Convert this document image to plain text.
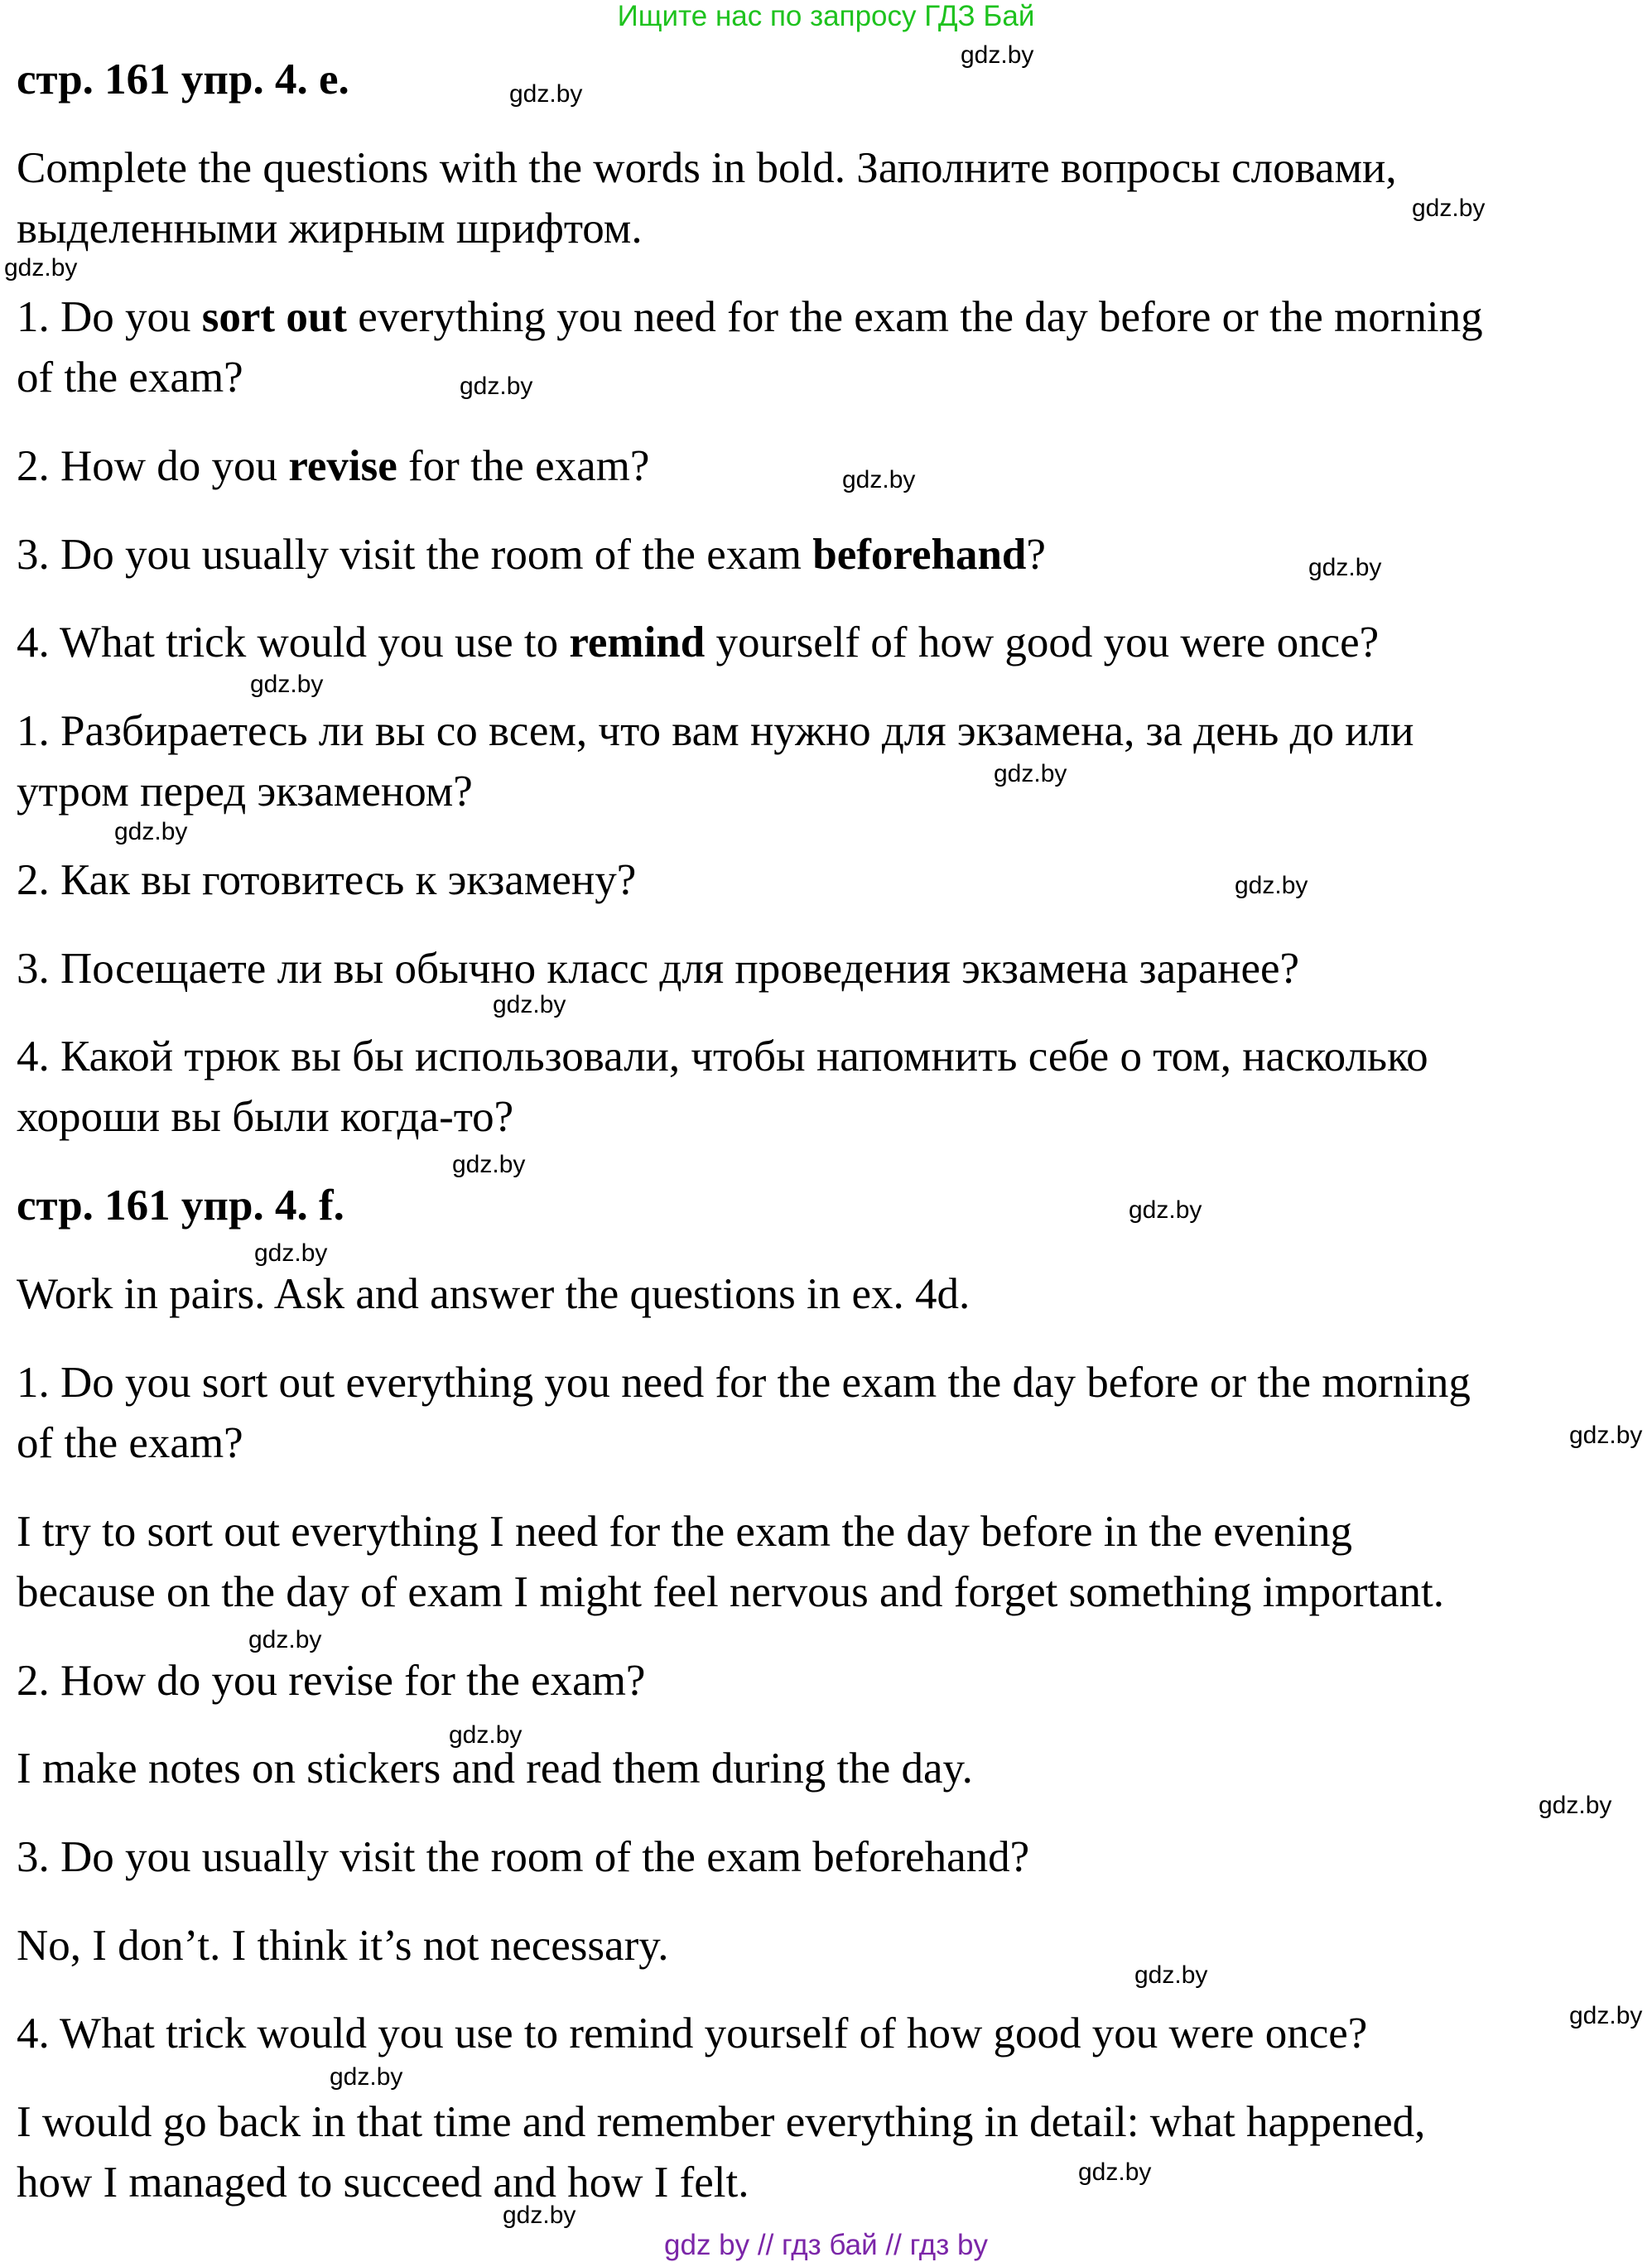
Ищите нас по запросу ГДЗ Бай

стр. 161 упр. 4. e.

Complete the questions with the words in bold. Заполните вопросы словами,

выделенными жирным шрифтом.

1. Do you sort out everything you need for the exam the day before or the morning

of the exam?

2. How do you revise for the exam?

3. Do you usually visit the room of the exam beforehand?

4. What trick would you use to remind yourself of how good you were once?

1. Разбираетесь ли вы со всем, что вам нужно для экзамена, за день до или

утром перед экзаменом?

2. Как вы готовитесь к экзамену?

3. Посещаете ли вы обычно класс для проведения экзамена заранее?

4. Какой трюк вы бы использовали, чтобы напомнить себе о том, насколько

хороши вы были когда-то?

стр. 161 упр. 4. f.

Work in pairs. Ask and answer the questions in ex. 4d.

1. Do you sort out everything you need for the exam the day before or the morning

of the exam?

I try to sort out everything I need for the exam the day before in the evening

because on the day of exam I might feel nervous and forget something important.

2. How do you revise for the exam?

I make notes on stickers and read them during the day.

3. Do you usually visit the room of the exam beforehand?

No, I don’t. I think it’s not necessary.

4. What trick would you use to remind yourself of how good you were once?

I would go back in that time and remember everything in detail: what happened,

how I managed to succeed and how I felt.

gdz.by
gdz.by
gdz.by
gdz.by
gdz.by
gdz.by
gdz.by
gdz.by
gdz.by
gdz.by
gdz.by
gdz.by
gdz.by
gdz.by
gdz.by
gdz.by
gdz.by
gdz.by
gdz.by
gdz.by
gdz.by
gdz.by
gdz.by
gdz.by
gdz by // гдз бай // гдз by
